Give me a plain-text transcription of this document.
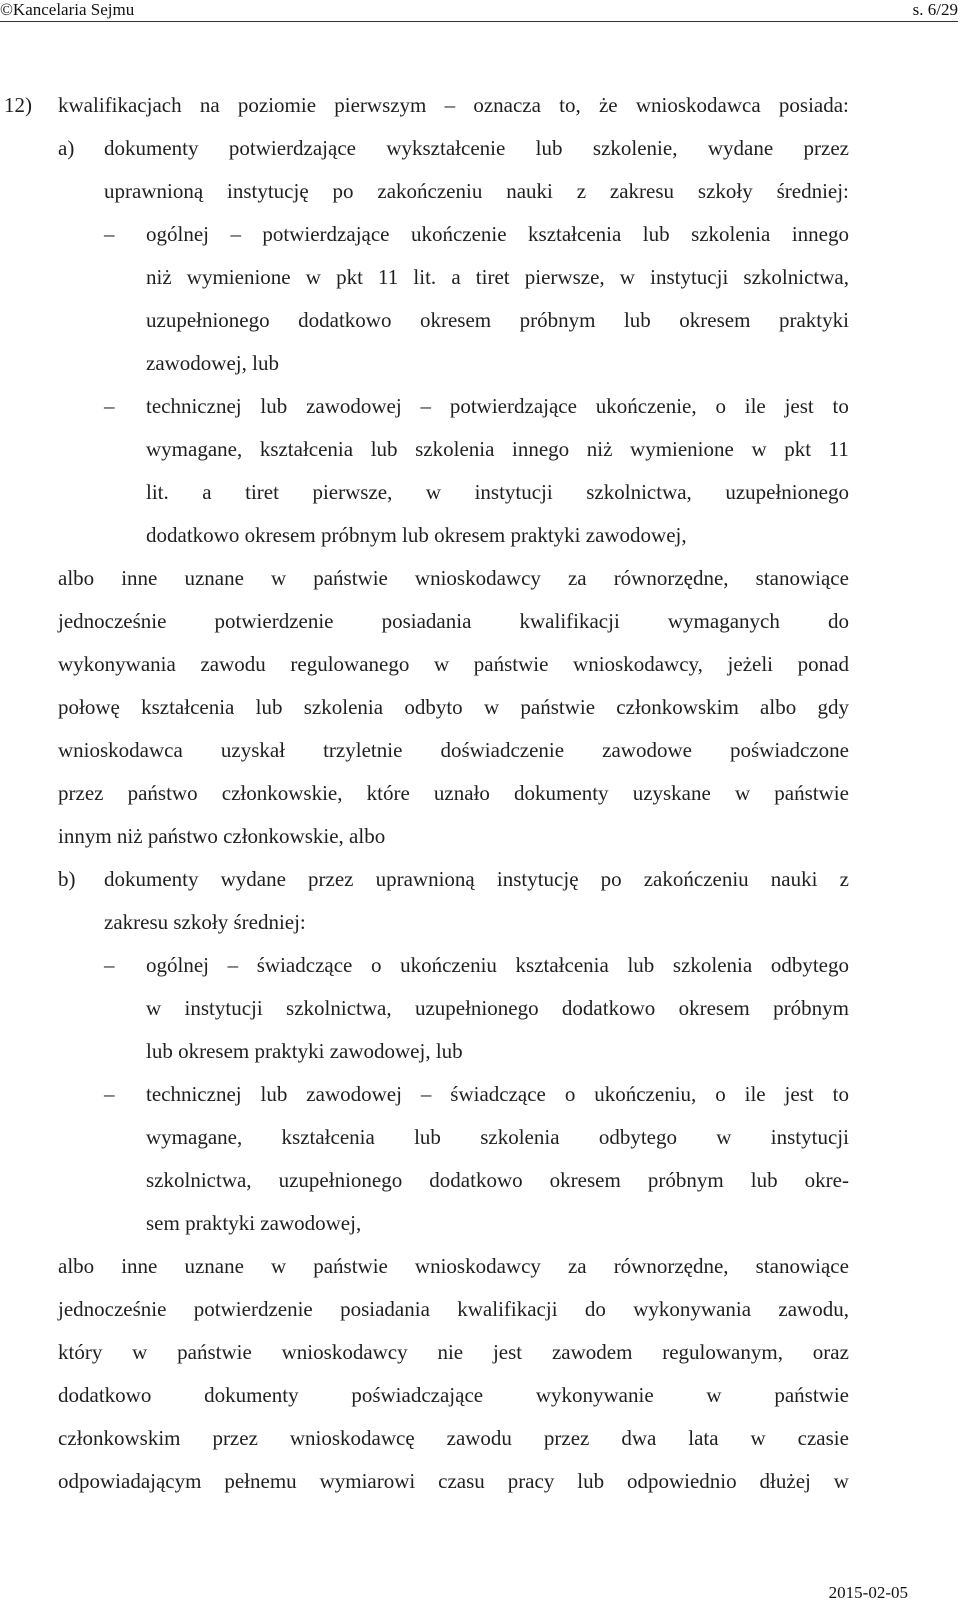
©Kancelaria Sejmu	s. 6/29
12) kwalifikacjach na poziomie pierwszym – oznacza to, że wnioskodawca posiada:
a) dokumenty potwierdzające wykształcenie lub szkolenie, wydane przez
uprawnioną instytucję po zakończeniu nauki z zakresu szkoły średniej:
– ogólnej – potwierdzające ukończenie kształcenia lub szkolenia innego
niż wymienione w pkt 11 lit. a tiret pierwsze, w instytucji szkolnictwa,
uzupełnionego dodatkowo okresem próbnym lub okresem praktyki
zawodowej, lub
– technicznej lub zawodowej – potwierdzające ukończenie, o ile jest to
wymagane, kształcenia lub szkolenia innego niż wymienione w pkt 11
lit. a tiret pierwsze, w instytucji szkolnictwa, uzupełnionego
dodatkowo okresem próbnym lub okresem praktyki zawodowej,
albo inne uznane w państwie wnioskodawcy za równorzędne, stanowiące
jednocześnie potwierdzenie posiadania kwalifikacji wymaganych do
wykonywania zawodu regulowanego w państwie wnioskodawcy, jeżeli ponad
połowę kształcenia lub szkolenia odbyto w państwie członkowskim albo gdy
wnioskodawca uzyskał trzyletnie doświadczenie zawodowe poświadczone
przez państwo członkowskie, które uznało dokumenty uzyskane w państwie
innym niż państwo członkowskie, albo
b) dokumenty wydane przez uprawnioną instytucję po zakończeniu nauki z
zakresu szkoły średniej:
– ogólnej – świadczące o ukończeniu kształcenia lub szkolenia odbytego
w instytucji szkolnictwa, uzupełnionego dodatkowo okresem próbnym
lub okresem praktyki zawodowej, lub
– technicznej lub zawodowej – świadczące o ukończeniu, o ile jest to
wymagane, kształcenia lub szkolenia odbytego w instytucji
szkolnictwa, uzupełnionego dodatkowo okresem próbnym lub okre-
sem praktyki zawodowej,
albo inne uznane w państwie wnioskodawcy za równorzędne, stanowiące
jednocześnie potwierdzenie posiadania kwalifikacji do wykonywania zawodu,
który w państwie wnioskodawcy nie jest zawodem regulowanym, oraz
dodatkowo	dokumenty	poświadczające	wykonywanie	w	państwie
członkowskim przez wnioskodawcę zawodu przez dwa lata w czasie
odpowiadającym pełnemu wymiarowi czasu pracy lub odpowiednio dłużej w
2015-02-05
